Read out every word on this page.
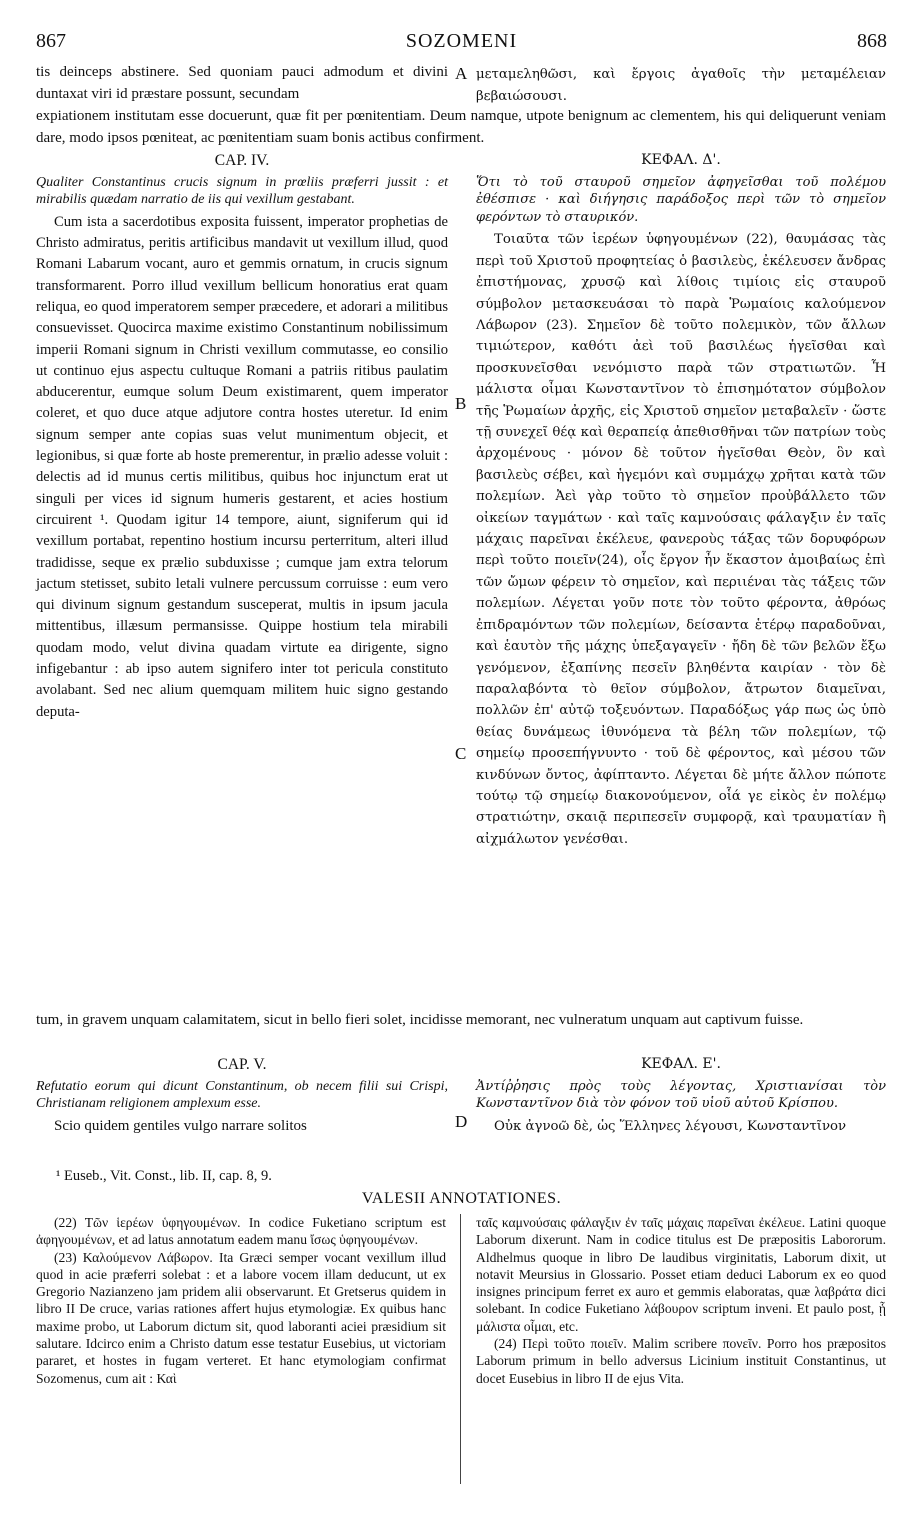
867	SOZOMENI	868

tis deinceps abstinere. Sed quoniam pauci admodum et divini duntaxat viri id præstare possunt, secundam

μεταμεληθῶσι, καὶ ἔργοις ἀγαθοῖς τὴν μεταμέλειαν βεβαιώσουσι.

A

expiationem institutam esse docuerunt, quæ fit per pœnitentiam. Deum namque, utpote benignum ac clementem, his qui deliquerunt veniam dare, modo ipsos pœniteat, ac pœnitentiam suam bonis actibus confirment.

CAP. IV.

Qualiter Constantinus crucis signum in prœliis præferri jussit : et mirabilis quædam narratio de iis qui vexillum gestabant.

Cum ista a sacerdotibus exposita fuissent, imperator prophetias de Christo admiratus, peritis artificibus mandavit ut vexillum illud, quod Romani Labarum vocant, auro et gemmis ornatum, in crucis signum transformarent. Porro illud vexillum bellicum honoratius erat quam reliqua, eo quod imperatorem semper præcedere, et adorari a militibus consuevisset. Quocirca maxime existimo Constantinum nobilissimum imperii Romani signum in Christi vexillum commutasse, eo consilio ut continuo ejus aspectu cultuque Romani a patriis ritibus paulatim abducerentur, eumque solum Deum existimarent, quem imperator coleret, et quo duce atque adjutore contra hostes uteretur. Id enim signum semper ante copias suas velut munimentum objecit, et legionibus, si quæ forte ab hoste premerentur, in prælio adesse voluit : delectis ad id munus certis militibus, quibus hoc injunctum erat ut singuli per vices id signum humeris gestarent, et acies hostium circuirent ¹. Quodam igitur 14 tempore, aiunt, signiferum qui id vexillum portabat, repentino hostium incursu perterritum, alteri illud tradidisse, seque ex prælio subduxisse ; cumque jam extra telorum jactum stetisset, subito letali vulnere percussum corruisse : eum vero qui divinum signum gestandum susceperat, multis in ipsum jacula mittentibus, illæsum permansisse. Quippe hostium tela mirabili quodam modo, velut divina quadam virtute ea dirigente, signo infigebantur : ab ipso autem signifero inter tot pericula constituto avolabant. Sed nec alium quemquam militem huic signo gestando deputa-

ΚΕΦΑΛ. Δ'.

Ὅτι τὸ τοῦ σταυροῦ σημεῖον ἀφηγεῖσθαι τοῦ πολέμου ἐθέσπισε · καὶ διήγησις παράδοξος περὶ τῶν τὸ σημεῖον φερόντων τὸ σταυρικόν.

Τοιαῦτα τῶν ἱερέων ὑφηγουμένων (22), θαυμάσας τὰς περὶ τοῦ Χριστοῦ προφητείας ὁ βασιλεὺς, ἐκέλευσεν ἄνδρας ἐπιστήμονας, χρυσῷ καὶ λίθοις τιμίοις εἰς σταυροῦ σύμβολον μετασκευάσαι τὸ παρὰ Ῥωμαίοις καλούμενον Λάβωρον (23). Σημεῖον δὲ τοῦτο πολεμικὸν, τῶν ἄλλων τιμιώτερον, καθότι ἀεὶ τοῦ βασιλέως ἡγεῖσθαι καὶ προσκυνεῖσθαι νενόμιστο παρὰ τῶν στρατιωτῶν. Ἧ μάλιστα οἶμαι Κωνσταντῖνον τὸ ἐπισημότατον σύμβολον τῆς Ῥωμαίων ἀρχῆς, εἰς Χριστοῦ σημεῖον μεταβαλεῖν · ὥστε τῇ συνεχεῖ θέᾳ καὶ θεραπείᾳ ἀπεθισθῆναι τῶν πατρίων τοὺς ἀρχομένους · μόνον δὲ τοῦτον ἡγεῖσθαι Θεὸν, ὃν καὶ βασιλεὺς σέβει, καὶ ἡγεμόνι καὶ συμμάχῳ χρῆται κατὰ τῶν πολεμίων. Ἀεὶ γὰρ τοῦτο τὸ σημεῖον προὐβάλλετο τῶν οἰκείων ταγμάτων · καὶ ταῖς καμνούσαις φάλαγξιν ἐν ταῖς μάχαις παρεῖναι ἐκέλευε, φανεροὺς τάξας τῶν δορυφόρων περὶ τοῦτο ποιεῖν(24), οἷς ἔργον ἦν ἕκαστον ἀμοιβαίως ἐπὶ τῶν ὤμων φέρειν τὸ σημεῖον, καὶ περιιέναι τὰς τάξεις τῶν πολεμίων. Λέγεται γοῦν ποτε τὸν τοῦτο φέροντα, ἀθρόως ἐπιδραμόντων τῶν πολεμίων, δείσαντα ἑτέρῳ παραδοῦναι, καὶ ἑαυτὸν τῆς μάχης ὑπεξαγαγεῖν · ἤδη δὲ τῶν βελῶν ἔξω γενόμενον, ἐξαπίνης πεσεῖν βληθέντα καιρίαν · τὸν δὲ παραλαβόντα τὸ θεῖον σύμβολον, ἄτρωτον διαμεῖναι, πολλῶν ἐπ' αὐτῷ τοξευόντων. Παραδόξως γάρ πως ὡς ὑπὸ θείας δυνάμεως ἰθυνόμενα τὰ βέλη τῶν πολεμίων, τῷ σημείῳ προσεπήγνυντο · τοῦ δὲ φέροντος, καὶ μέσου τῶν κινδύνων ὄντος, ἀφίπταντο. Λέγεται δὲ μήτε ἄλλον πώποτε τούτῳ τῷ σημείῳ διακονούμενον, οἷά γε εἰκὸς ἐν πολέμῳ στρατιώτην, σκαιᾷ περιπεσεῖν συμφορᾷ, καὶ τραυματίαν ἢ αἰχμάλωτον γενέσθαι.

B
C

tum, in gravem unquam calamitatem, sicut in bello fieri solet, incidisse memorant, nec vulneratum unquam aut captivum fuisse.

CAP. V.

Refutatio eorum qui dicunt Constantinum, ob necem filii sui Crispi, Christianam religionem amplexum esse.

Scio quidem gentiles vulgo narrare solitos

ΚΕΦΑΛ. Ε'.

Ἀντίῤῥησις πρὸς τοὺς λέγοντας, Χριστιανίσαι τὸν Κωνσταντῖνον διὰ τὸν φόνον τοῦ υἱοῦ αὐτοῦ Κρίσπου.

Οὐκ ἀγνοῶ δὲ, ὡς Ἕλληνες λέγουσι, Κωνσταντῖνον

D
¹ Euseb., Vit. Const., lib. II, cap. 8, 9.
VALESII ANNOTATIONES.

(22) Τῶν ἱερέων ὑφηγουμένων. In codice Fuketiano scriptum est ἀφηγουμένων, et ad latus annotatum eadem manu ἴσως ὑφηγουμένων.

(23) Καλούμενον Λάβωρον. Ita Græci semper vocant vexillum illud quod in acie præferri solebat : et a labore vocem illam deducunt, ut ex Gregorio Nazianzeno jam pridem alii observarunt. Et Gretserus quidem in libro II De cruce, varias rationes affert hujus etymologiæ. Ex quibus hanc maxime probo, ut Laborum dictum sit, quod laboranti aciei præsidium sit salutare. Idcirco enim a Christo datum esse testatur Eusebius, ut victoriam pararet, et hostes in fugam verteret. Et hanc etymologiam confirmat Sozomenus, cum ait : Καὶ

ταῖς καμνούσαις φάλαγξιν ἐν ταῖς μάχαις παρεῖναι ἐκέλευε. Latini quoque Laborum dixerunt. Nam in codice titulus est De præpositis Labororum. Aldhelmus quoque in libro De laudibus virginitatis, Laborum dixit, ut notavit Meursius in Glossario. Posset etiam deduci Laborum ex eo quod insignes principum ferret ex auro et gemmis elaboratas, quæ λαβράτα dici solebant. In codice Fuketiano λάβουρον scriptum inveni. Et paulo post, ᾗ μάλιστα οἶμαι, etc.

(24) Περὶ τοῦτο ποιεῖν. Malim scribere πονεῖν. Porro hos præpositos Laborum primum in bello adversus Licinium instituit Constantinus, ut docet Eusebius in libro II de ejus Vita.
